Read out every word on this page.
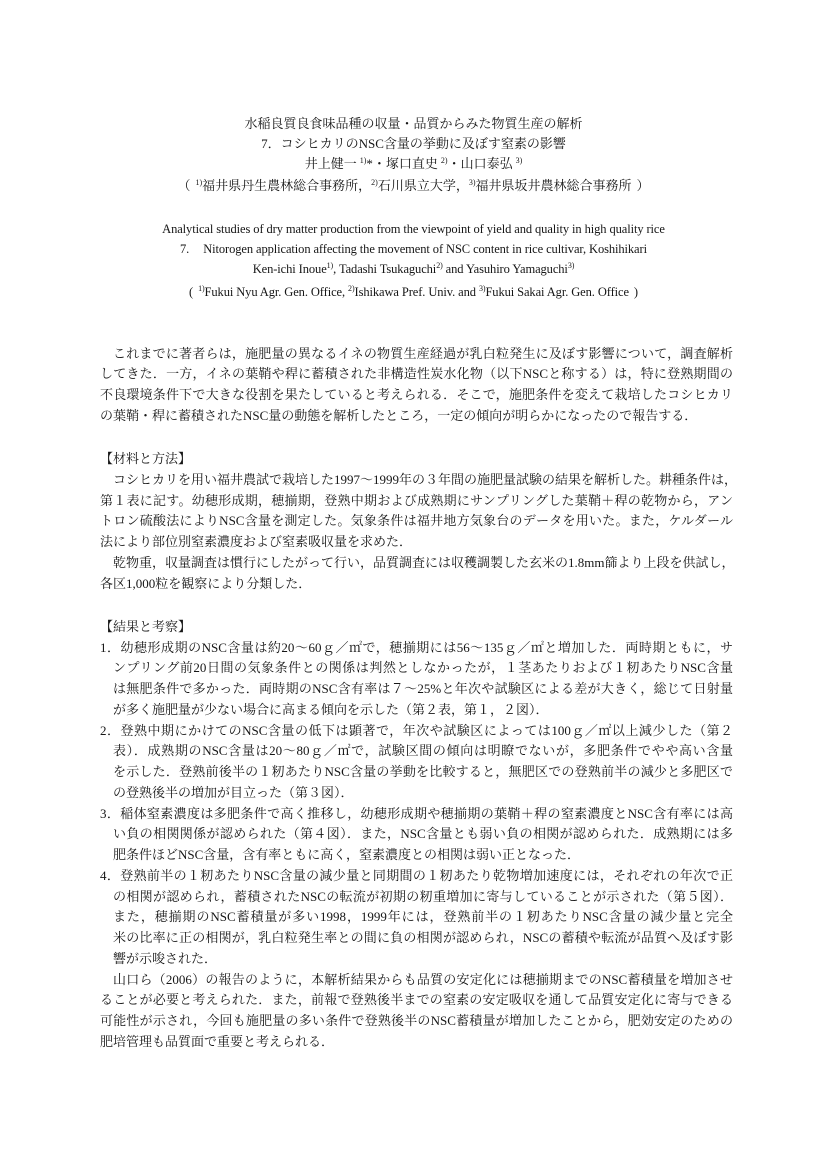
水稲良質良食味品種の収量・品質からみた物質生産の解析
7．コシヒカリのNSC含量の挙動に及ぼす窒素の影響
井上健一 $^{1)}$*・塚口直史 $^{2)}$・山口泰弘 $^{3)}$
（ $^{1)}$福井県丹生農林総合事務所，$^{2)}$石川県立大学，$^{3)}$福井県坂井農林総合事務所 ）
Analytical studies of dry matter production from the viewpoint of yield and quality in high quality rice
7. Nitorogen application affecting the movement of NSC content in rice cultivar, Koshihikari
Ken-ichi Inoue$^{1)}$, Tadashi Tsukaguchi$^{2)}$ and Yasuhiro Yamaguchi$^{3)}$
( $^{1)}$Fukui Nyu Agr. Gen. Office, $^{2)}$Ishikawa Pref. Univ. and $^{3)}$Fukui Sakai Agr. Gen. Office )
これまでに著者らは，施肥量の異なるイネの物質生産経過が乳白粒発生に及ぼす影響について，調査解析
してきた．一方，イネの葉鞘や稈に蓄積された非構造性炭水化物（以下NSCと称する）は，特に登熟期間の
不良環境条件下で大きな役割を果たしていると考えられる．そこで，施肥条件を変えて栽培したコシヒカリ
の葉鞘・稈に蓄積されたNSC量の動態を解析したところ，一定の傾向が明らかになったので報告する．
【材料と方法】
コシヒカリを用い福井農試で栽培した1997～1999年の３年間の施肥量試験の結果を解析した。耕種条件は，
第１表に記す。幼穂形成期，穂揃期，登熟中期および成熟期にサンプリングした葉鞘＋稈の乾物から，アン
トロン硫酸法によりNSC含量を測定した。気象条件は福井地方気象台のデータを用いた。また，ケルダール
法により部位別窒素濃度および窒素吸収量を求めた．
乾物重，収量調査は慣行にしたがって行い，品質調査には収穫調製した玄米の1.8mm篩より上段を供試し，
各区1,000粒を観察により分類した．
【結果と考察】
1．幼穂形成期のNSC含量は約20～60ｇ／㎡で，穂揃期には56～135ｇ／㎡と増加した．両時期ともに，サ
ンプリング前20日間の気象条件との関係は判然としなかったが，１茎あたりおよび１籾あたりNSC含量
は無肥条件で多かった．両時期のNSC含有率は７～25%と年次や試験区による差が大きく，総じて日射量
が多く施肥量が少ない場合に高まる傾向を示した（第２表，第１，２図）．
2．登熟中期にかけてのNSC含量の低下は顕著で，年次や試験区によっては100ｇ／㎡以上減少した（第２
表）．成熟期のNSC含量は20～80ｇ／㎡で，試験区間の傾向は明瞭でないが，多肥条件でやや高い含量
を示した．登熟前後半の１籾あたりNSC含量の挙動を比較すると，無肥区での登熟前半の減少と多肥区で
の登熟後半の増加が目立った（第３図）．
3．稲体窒素濃度は多肥条件で高く推移し，幼穂形成期や穂揃期の葉鞘＋稈の窒素濃度とNSC含有率には高
い負の相関関係が認められた（第４図）．また，NSC含量とも弱い負の相関が認められた．成熟期には多
肥条件ほどNSC含量，含有率ともに高く，窒素濃度との相関は弱い正となった．
4．登熟前半の１籾あたりNSC含量の減少量と同期間の１籾あたり乾物増加速度には，それぞれの年次で正
の相関が認められ，蓄積されたNSCの転流が初期の籾重増加に寄与していることが示された（第５図）．
また，穂揃期のNSC蓄積量が多い1998，1999年には，登熟前半の１籾あたりNSC含量の減少量と完全
米の比率に正の相関が，乳白粒発生率との間に負の相関が認められ，NSCの蓄積や転流が品質へ及ぼす影
響が示唆された．
山口ら（2006）の報告のように，本解析結果からも品質の安定化には穂揃期までのNSC蓄積量を増加させ
ることが必要と考えられた．また，前報で登熟後半までの窒素の安定吸収を通して品質安定化に寄与できる
可能性が示され，今回も施肥量の多い条件で登熟後半のNSC蓄積量が増加したことから，肥効安定のための
肥培管理も品質面で重要と考えられる．
